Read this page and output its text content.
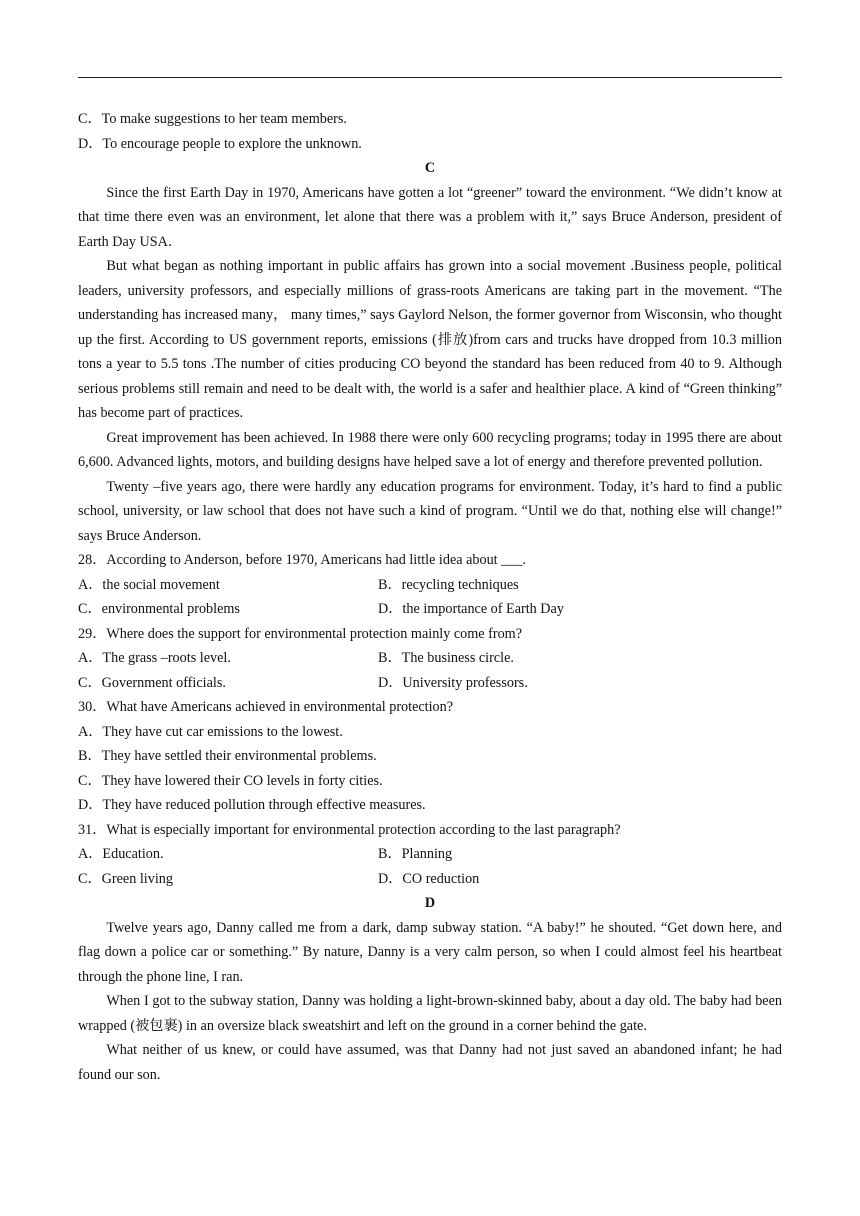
C．To make suggestions to her team members.

D．To encourage people to explore the unknown.

C

Since the first Earth Day in 1970, Americans have gotten a lot “greener” toward the environment. “We didn’t know at that time there even was an environment, let alone that there was a problem with it,” says Bruce Anderson, president of Earth Day USA．

But what began as nothing important in public affairs has grown into a social movement .Business people, political leaders, university professors, and especially millions of grass-roots Americans are taking part in the movement. “The understanding has increased many， many times,” says Gaylord Nelson, the former governor from Wisconsin, who thought up the first. According to US government reports, emissions (排放)from cars and trucks have dropped from 10.3 million tons a year to 5.5 tons .The number of cities producing CO beyond the standard has been reduced from 40 to 9. Although serious problems still remain and need to be dealt with, the world is a safer and healthier place. A kind of “Green thinking” has become part of practices.

Great improvement has been achieved. In 1988 there were only 600 recycling programs; today in 1995 there are about 6,600. Advanced lights, motors, and building designs have helped save a lot of energy and therefore prevented pollution.

Twenty –five years ago, there were hardly any education programs for environment. Today, it’s hard to find a public school, university, or law school that does not have such a kind of program. “Until we do that, nothing else will change!” says Bruce Anderson.

28．According to Anderson, before 1970, Americans had little idea about ___.

A．the social movement	B．recycling techniques
C．environmental problems	D．the importance of Earth Day

29．Where does the support for environmental protection mainly come from?

A．The grass –roots level.	B．The business circle.
C．Government officials.	D．University professors.

30．What have Americans achieved in environmental protection?

A．They have cut car emissions to the lowest.

B．They have settled their environmental problems.

C．They have lowered their CO levels in forty cities.

D．They have reduced pollution through effective measures.

31．What is especially important for environmental protection according to the last paragraph?

A．Education.	B．Planning
C．Green living	D．CO reduction

D

Twelve years ago, Danny called me from a dark, damp subway station. “A baby!” he shouted. “Get down here, and flag down a police car or something.” By nature, Danny is a very calm person, so when I could almost feel his heartbeat through the phone line, I ran.

When I got to the subway station, Danny was holding a light-brown-skinned baby, about a day old. The baby had been wrapped (被包裹) in an oversize black sweatshirt and left on the ground in a corner behind the gate.

What neither of us knew, or could have assumed, was that Danny had not just saved an abandoned infant; he had found our son.
